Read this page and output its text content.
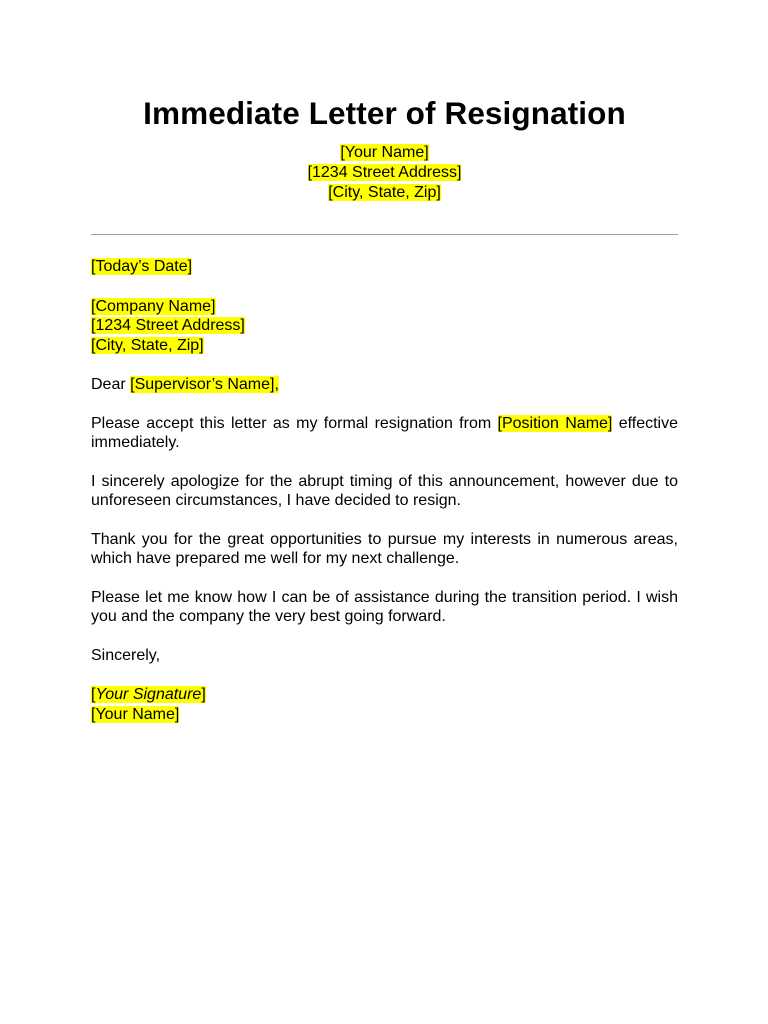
Immediate Letter of Resignation
[Your Name]
[1234 Street Address]
[City, State, Zip]
[Today’s Date]
[Company Name]
[1234 Street Address]
[City, State, Zip]
Dear [Supervisor’s Name],

Please accept this letter as my formal resignation from [Position Name] effective immediately.

I sincerely apologize for the abrupt timing of this announcement, however due to unforeseen circumstances, I have decided to resign.

Thank you for the great opportunities to pursue my interests in numerous areas, which have prepared me well for my next challenge.

Please let me know how I can be of assistance during the transition period. I wish you and the company the very best going forward.

Sincerely,
[Your Signature]
[Your Name]
